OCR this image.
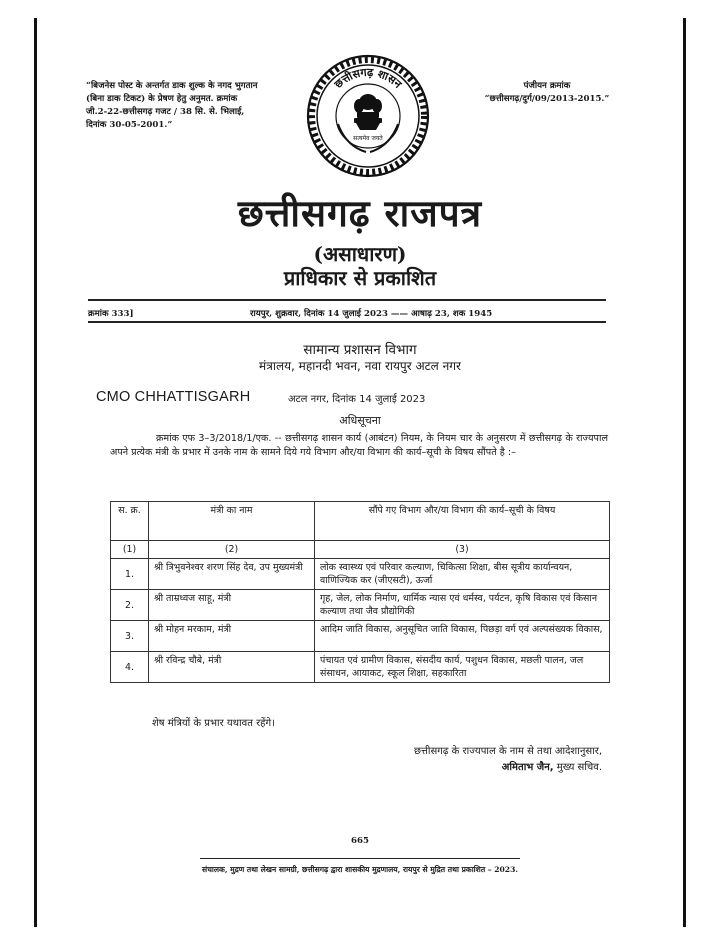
“बिजनेस पोस्ट के अन्तर्गत डाक शुल्क के नगद भुगतान (बिना डाक टिकट) के प्रेषण हेतु अनुमत. क्रमांक जी.2-22-छत्तीसगढ़ गजट / 38 सि. से. भिलाई, दिनांक 30-05-2001.”
पंजीयन क्रमांक
“छत्तीसगढ़/दुर्ग/09/2013-2015.”
छत्तीसगढ़ शासन
सत्यमेव जयते
छत्तीसगढ़ राजपत्र
(असाधारण)
प्राधिकार से प्रकाशित
क्रमांक 333]	रायपुर, शुक्रवार, दिनांक 14 जुलाई 2023 —— आषाढ़ 23, शक 1945
सामान्य प्रशासन विभाग
मंत्रालय, महानदी भवन, नवा रायपुर अटल नगर
CMO CHHATTISGARH	अटल नगर, दिनांक 14 जुलाई 2023
अधिसूचना
क्रमांक एफ 3–3/2018/1/एक. -- छत्तीसगढ़ शासन कार्य (आबंटन) नियम, के नियम चार के अनुसरण में छत्तीसगढ़ के राज्यपाल अपने प्रत्येक मंत्री के प्रभार में उनके नाम के सामने दिये गये विभाग और/या विभाग की कार्य–सूची के विषय सौंपते है :–
स. क्र.	मंत्री का नाम	सौंपे गए विभाग और/या विभाग की कार्य–सूची के विषय
(1)	(2)	(3)
1.	श्री त्रिभुवनेश्वर शरण सिंह देव, उप मुख्यमंत्री	लोक स्वास्थ्य एवं परिवार कल्याण, चिकित्सा शिक्षा, बीस सूत्रीय कार्यान्वयन, वाणिज्यिक कर (जीएसटी), ऊर्जा
2.	श्री ताम्रध्वज साहू, मंत्री	गृह, जेल, लोक निर्माण, धार्मिक न्यास एवं धर्मस्व, पर्यटन, कृषि विकास एवं किसान कल्याण तथा जैव प्रौद्योगिकी
3.	श्री मोहन मरकाम, मंत्री	आदिम जाति विकास, अनुसूचित जाति विकास, पिछड़ा वर्ग एवं अल्पसंख्यक विकास,
4.	श्री रविन्द्र चौबे, मंत्री	पंचायत एवं ग्रामीण विकास, संसदीय कार्य, पशुधन विकास, मछली पालन, जल संसाधन, आयाकट, स्कूल शिक्षा, सहकारिता
शेष मंत्रियों के प्रभार यथावत रहेंगे।
छत्तीसगढ़ के राज्यपाल के नाम से तथा आदेशानुसार,
अमिताभ जैन, मुख्य सचिव.
665
संचालक, मुद्रण तथा लेखन सामग्री, छत्तीसगढ़ द्वारा शासकीय मुद्रणालय, रायपुर से मुद्रित तथा प्रकाशित – 2023.
